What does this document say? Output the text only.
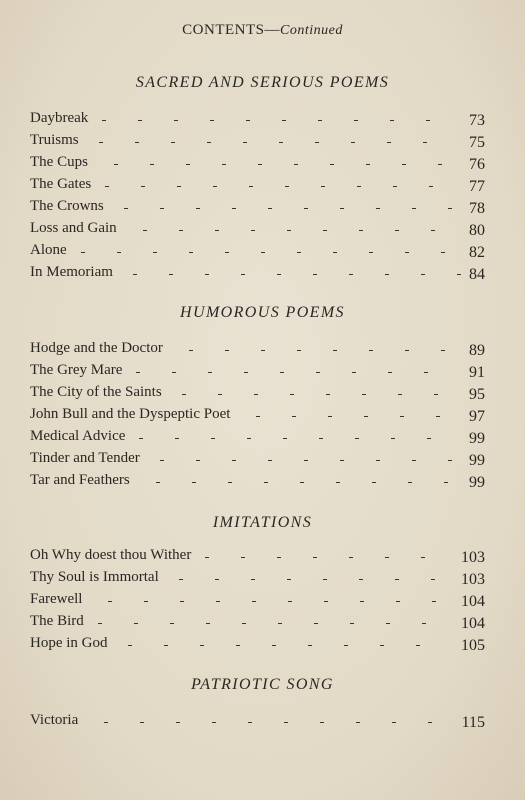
CONTENTS—Continued
SACRED AND SERIOUS POEMS
Daybreak	73
Truisms	75
The Cups	76
The Gates	77
The Crowns	78
Loss and Gain	80
Alone	82
In Memoriam	84
HUMOROUS POEMS
Hodge and the Doctor	89
The Grey Mare	91
The City of the Saints	95
John Bull and the Dyspeptic Poet	97
Medical Advice	99
Tinder and Tender	99
Tar and Feathers	99
IMITATIONS
Oh Why doest thou Wither	103
Thy Soul is Immortal	103
Farewell	104
The Bird	104
Hope in God	105
PATRIOTIC SONG
Victoria	115
